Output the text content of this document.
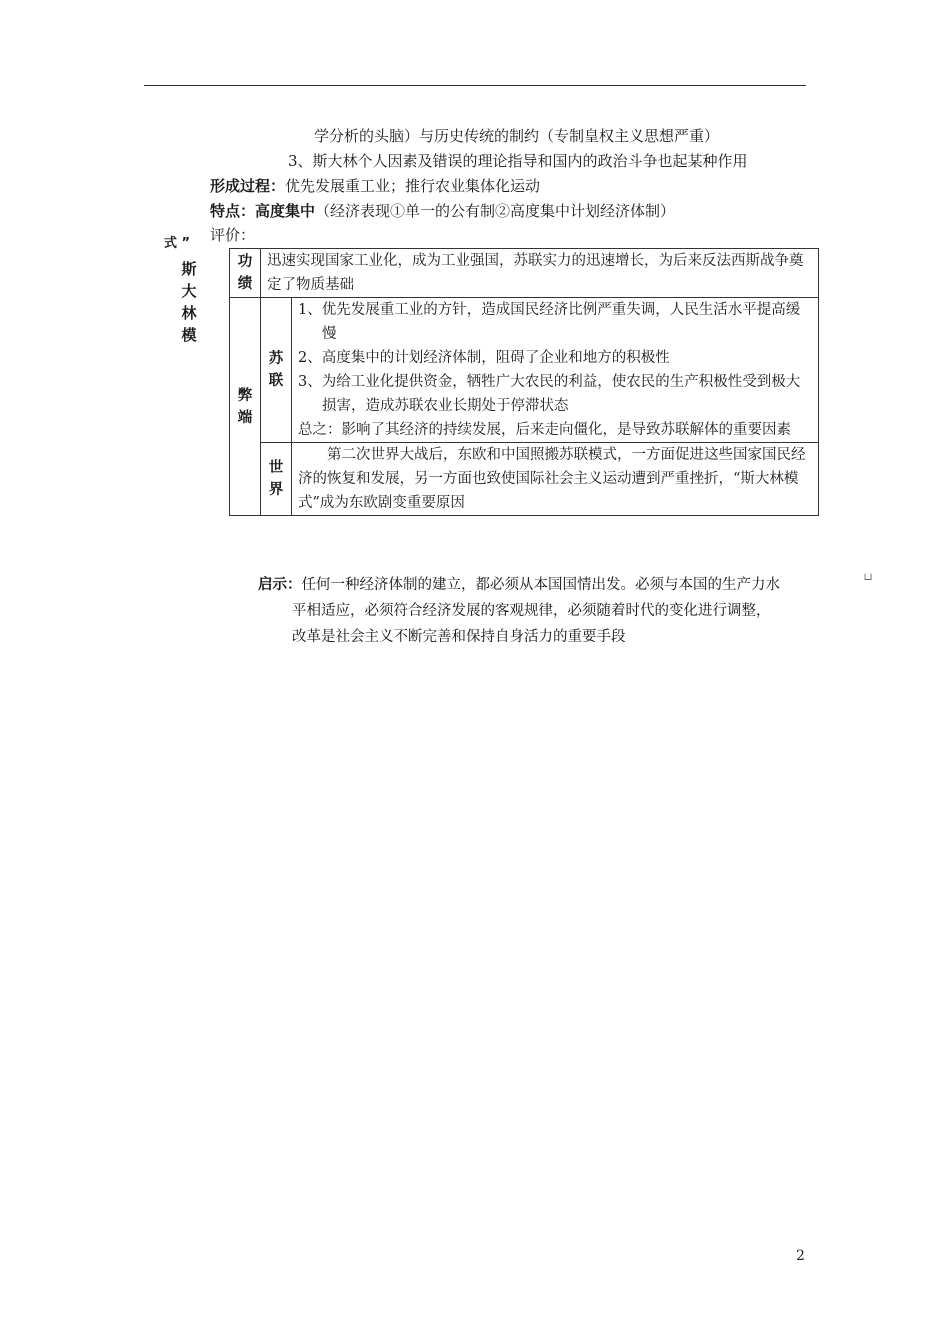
学分析的头脑）与历史传统的制约（专制皇权主义思想严重）
3、斯大林个人因素及错误的理论指导和国内的政治斗争也起某种作用
形成过程：优先发展重工业；推行农业集体化运动
特点：高度集中（经济表现①单一的公有制②高度集中计划经济体制）
评价：
式 ”
斯大林模
功绩	迅速实现国家工业化，成为工业强国，苏联实力的迅速增长，为后来反法西斯战争奠定了物质基础	

弊端	苏联	1、优先发展重工业的方针，造成国民经济比例严重失调，人民生活水平提高缓慢
2、高度集中的计划经济体制，阻碍了企业和地方的积极性
3、为给工业化提供资金，牺牲广大农民的利益，使农民的生产积极性受到极大损害，造成苏联农业长期处于停滞状态
总之：影响了其经济的持续发展，后来走向僵化，是导致苏联解体的重要因素

	世界	第二次世界大战后，东欧和中国照搬苏联模式，一方面促进这些国家国民经济的恢复和发展，另一方面也致使国际社会主义运动遭到严重挫折，“斯大林模式”成为东欧剧变重要原因
启示：任何一种经济体制的建立，都必须从本国国情出发。必须与本国的生产力水
平相适应，必须符合经济发展的客观规律，必须随着时代的变化进行调整，
改革是社会主义不断完善和保持自身活力的重要手段
└┘
2
